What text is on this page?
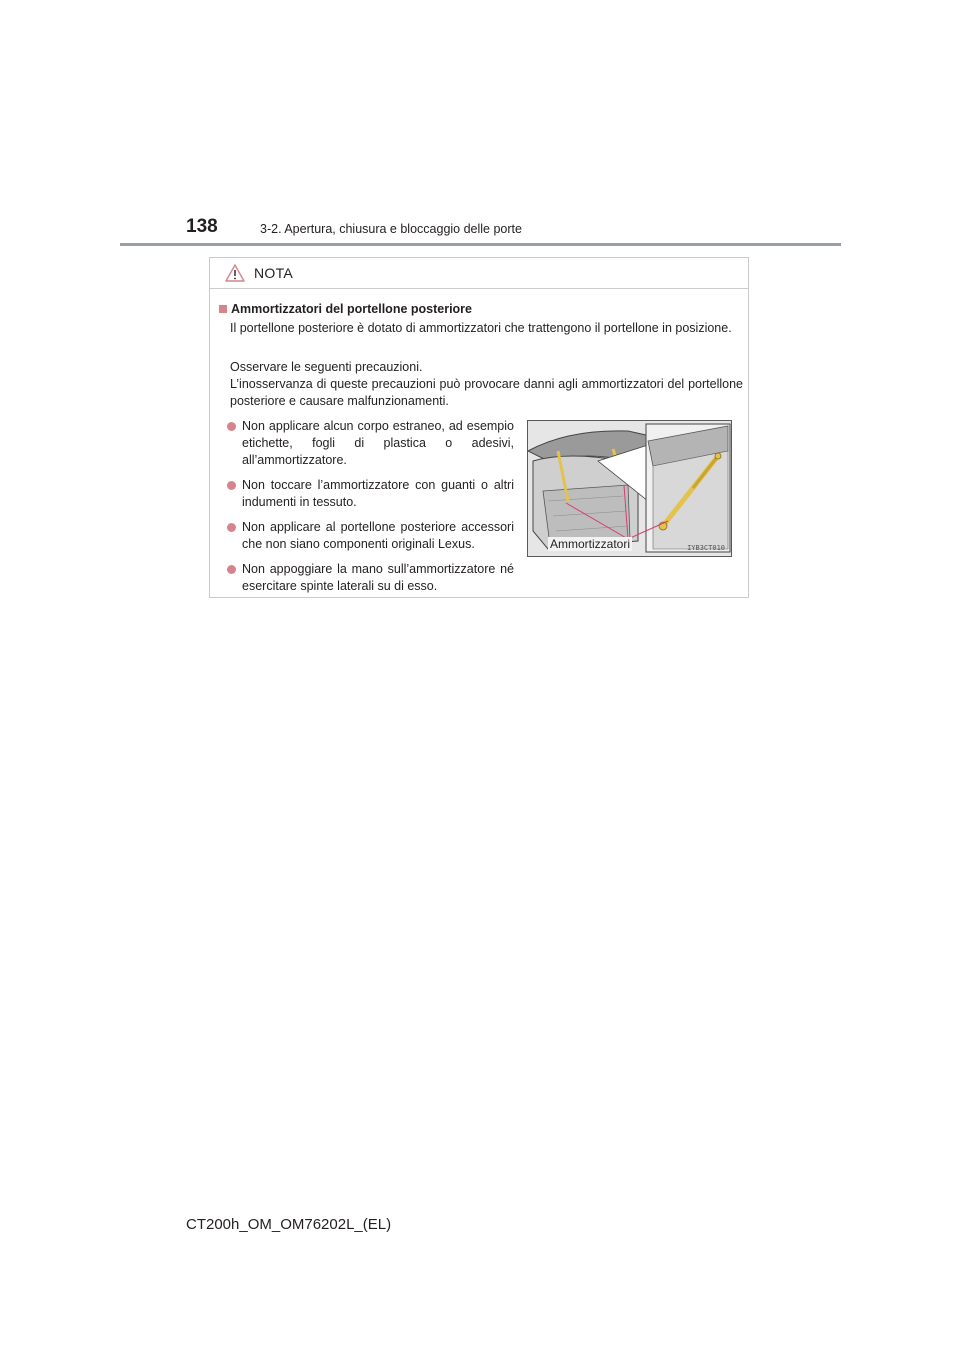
138	3-2. Apertura, chiusura e bloccaggio delle porte
NOTA
Ammortizzatori del portellone posteriore

Il portellone posteriore è dotato di ammortizzatori che trattengono il portellone in posizione.

Osservare le seguenti precauzioni.
L’inosservanza di queste precauzioni può provocare danni agli ammortizzatori del portellone posteriore e causare malfunzionamenti.

Non applicare alcun corpo estraneo, ad esempio etichette, fogli di plastica o adesivi, all’ammortizzatore.
Non toccare l’ammortizzatore con guanti o altri indumenti in tessuto.
Non applicare al portellone posteriore accessori che non siano componenti originali Lexus.
Non appoggiare la mano sull’ammortizzatore né esercitare spinte laterali su di esso.
Ammortizzatori	IYB3CT010
CT200h_OM_OM76202L_(EL)
